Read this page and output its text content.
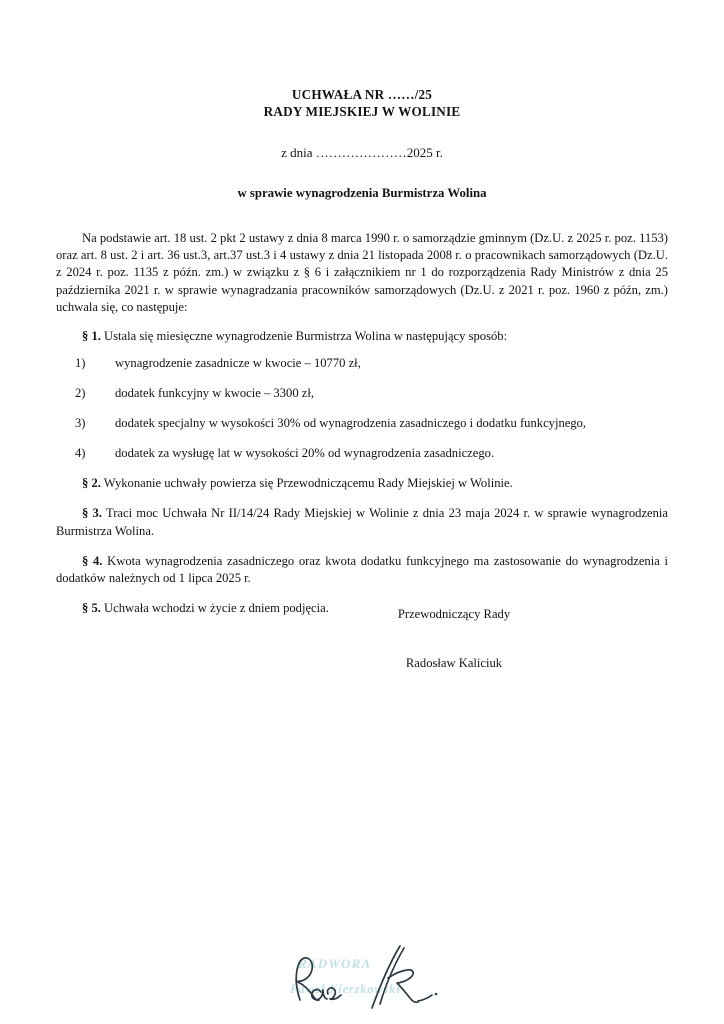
UCHWAŁA NR ……/25
RADY MIEJSKIEJ W WOLINIE
z dnia …………………2025 r.
w sprawie wynagrodzenia Burmistrza Wolina
Na podstawie art. 18 ust. 2 pkt 2 ustawy z dnia 8 marca 1990 r. o samorządzie gminnym (Dz.U. z 2025 r. poz. 1153) oraz art. 8 ust. 2 i art. 36 ust.3, art.37 ust.3 i 4 ustawy z dnia 21 listopada 2008 r. o pracownikach samorządowych (Dz.U. z 2024 r. poz. 1135 z późn. zm.) w związku z § 6 i załącznikiem nr 1 do rozporządzenia Rady Ministrów z dnia 25 października 2021 r. w sprawie wynagradzania pracowników samorządowych (Dz.U. z 2021 r. poz. 1960 z późn, zm.) uchwala się, co następuje:
§ 1. Ustala się miesięczne wynagrodzenie Burmistrza Wolina w następujący sposób:
1)	wynagrodzenie zasadnicze w kwocie – 10770 zł,
2)	dodatek funkcyjny w kwocie – 3300 zł,
3)	dodatek specjalny w wysokości 30% od wynagrodzenia zasadniczego i dodatku funkcyjnego,
4)	dodatek za wysługę lat w wysokości 20% od wynagrodzenia zasadniczego.
§ 2. Wykonanie uchwały powierza się Przewodniczącemu Rady Miejskiej w Wolinie.
§ 3. Traci moc Uchwała Nr II/14/24 Rady Miejskiej w Wolinie z dnia 23 maja 2024 r. w sprawie wynagrodzenia Burmistrza Wolina.
§ 4. Kwota wynagrodzenia zasadniczego oraz kwota dodatku funkcyjnego ma zastosowanie do wynagrodzenia i dodatków należnych od 1 lipca 2025 r.
§ 5. Uchwała wchodzi w życie z dniem podjęcia.	Przewodniczący Rady
Radosław Kaliciuk
RADWORA
Paweł Kierzkowski
